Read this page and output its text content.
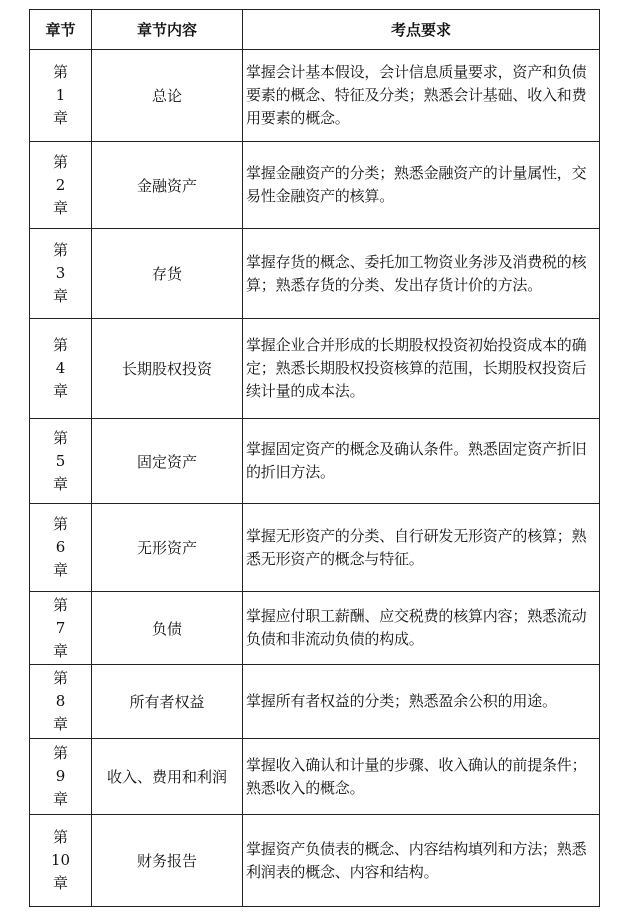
章节	章节内容	考点要求

第
1
章	总论	掌握会计基本假设，会计信息质量要求，资产和负债要素的概念、特征及分类；熟悉会计基础、收入和费用要素的概念。

第
2
章	金融资产	掌握金融资产的分类；熟悉金融资产的计量属性，交易性金融资产的核算。

第
3
章	存货	掌握存货的概念、委托加工物资业务涉及消费税的核算；熟悉存货的分类、发出存货计价的方法。

第
4
章	长期股权投资	掌握企业合并形成的长期股权投资初始投资成本的确定；熟悉长期股权投资核算的范围，长期股权投资后续计量的成本法。

第
5
章	固定资产	掌握固定资产的概念及确认条件。熟悉固定资产折旧的折旧方法。

第
6
章	无形资产	掌握无形资产的分类、自行研发无形资产的核算；熟悉无形资产的概念与特征。

第
7
章	负债	掌握应付职工薪酬、应交税费的核算内容；熟悉流动负债和非流动负债的构成。

第
8
章	所有者权益	掌握所有者权益的分类；熟悉盈余公积的用途。

第
9
章	收入、费用和利润	掌握收入确认和计量的步骤、收入确认的前提条件；熟悉收入的概念。

第
10
章	财务报告	掌握资产负债表的概念、内容结构填列和方法；熟悉利润表的概念、内容和结构。
